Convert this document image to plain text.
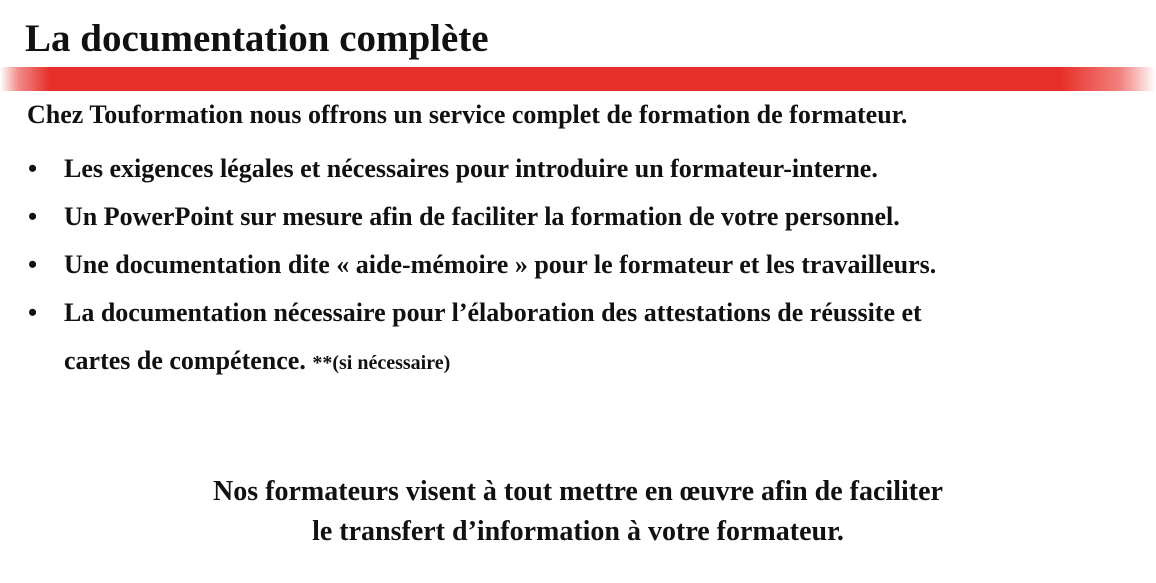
La documentation complète
Chez Touformation nous offrons un service complet de formation de formateur.
• Les exigences légales et nécessaires pour introduire un formateur-interne.
• Un PowerPoint sur mesure afin de faciliter la formation de votre personnel.
• Une documentation dite « aide-mémoire » pour le formateur et les travailleurs.
• La documentation nécessaire pour l’élaboration des attestations de réussite et
cartes de compétence. **(si nécessaire)
Nos formateurs visent à tout mettre en œuvre afin de faciliter
le transfert d’information à votre formateur.
